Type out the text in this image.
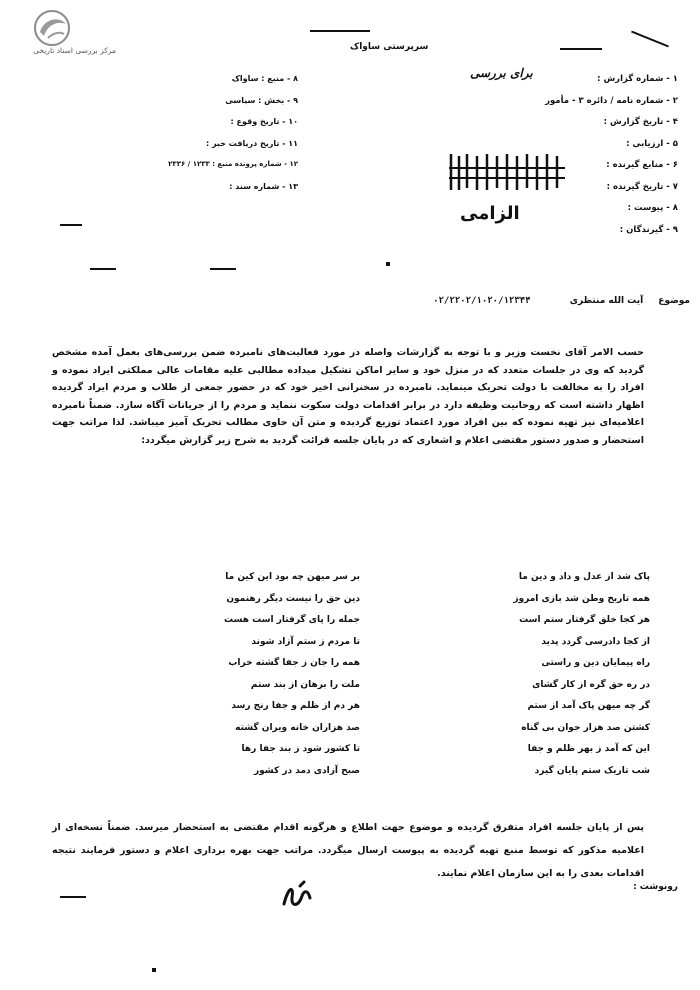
مرکز بررسی اسناد تاریخی	سرپرستی ساواک
برای بررسی	۱ - شماره گزارش :
۲ - شماره نامه / دائره ۳ - مأمور
۴ - تاریخ گزارش :
۵ - ارزیابی :
۶ - منابع گیرنده :
۷ - تاریخ گیرنده :
۸ - پیوست :
۹ - گیرندگان :
۸ - منبع : ساواک
۹ - بخش : سیاسی
۱۰ - تاریخ وقوع :
۱۱ - تاریخ دریافت خبر :
۱۲ - شماره پرونده منبع : ۱۲۳۳ / ۲۳۳۶
۱۳ - شماره سند :
الزامی
موضوع آیت الله منتظری ۰۲/۲۲۰۲/۱۰۲۰/۱۲۳۴۴
حسب الامر آقای نخست وزیر و با توجه به گزارشات واصله در مورد فعالیت‌های نامبرده ضمن بررسی‌های بعمل آمده مشخص گردید که وی در جلسات متعدد که در منزل خود و سایر اماکن تشکیل میداده مطالبی علیه مقامات عالی مملکتی ایراد نموده و افراد را به مخالفت با دولت تحریک مینماید. نامبرده در سخنرانی اخیر خود که در حضور جمعی از طلاب و مردم ایراد گردیده اظهار داشته است که روحانیت وظیفه دارد در برابر اقدامات دولت سکوت ننماید و مردم را از جریانات آگاه سازد. ضمناً نامبرده اعلامیه‌ای نیز تهیه نموده که بین افراد مورد اعتماد توزیع گردیده و متن آن حاوی مطالب تحریک آمیز میباشد. لذا مراتب جهت استحضار و صدور دستور مقتضی اعلام و اشعاری که در پایان جلسه قرائت گردید به شرح زیر گزارش میگردد:
پاک شد از عدل و داد و دین ما
بر سر میهن چه بود این کین ما
همه تاریخ وطن شد بازی امروز
دین حق را نیست دیگر رهنمون
هر کجا خلق گرفتار ستم است
جمله را پای گرفتار است هست
از کجا دادرسی گردد پدید
تا مردم ز ستم آزاد شوند
راه پیمایان دین و راستی
همه را جان ز جفا گشته خراب
در ره حق گره از کار گشای
ملت را برهان از بند ستم
گر چه میهن پاک آمد از ستم
هر دم از ظلم و جفا رنج رسد
کشتن صد هزار جوان بی گناه
صد هزاران خانه ویران گشته
این که آمد ز بهر ظلم و جفا
تا کشور شود ز بند جفا رها
شب تاریک ستم پایان گیرد
صبح آزادی دمد در کشور
پس از پایان جلسه افراد متفرق گردیده و موضوع جهت اطلاع و هرگونه اقدام مقتضی به استحضار میرسد. ضمناً نسخه‌ای از اعلامیه مذکور که توسط منبع تهیه گردیده به پیوست ارسال میگردد. مراتب جهت بهره برداری اعلام و دستور فرمایند نتیجه اقدامات بعدی را به این سازمان اعلام نمایند.
رونوشت :
